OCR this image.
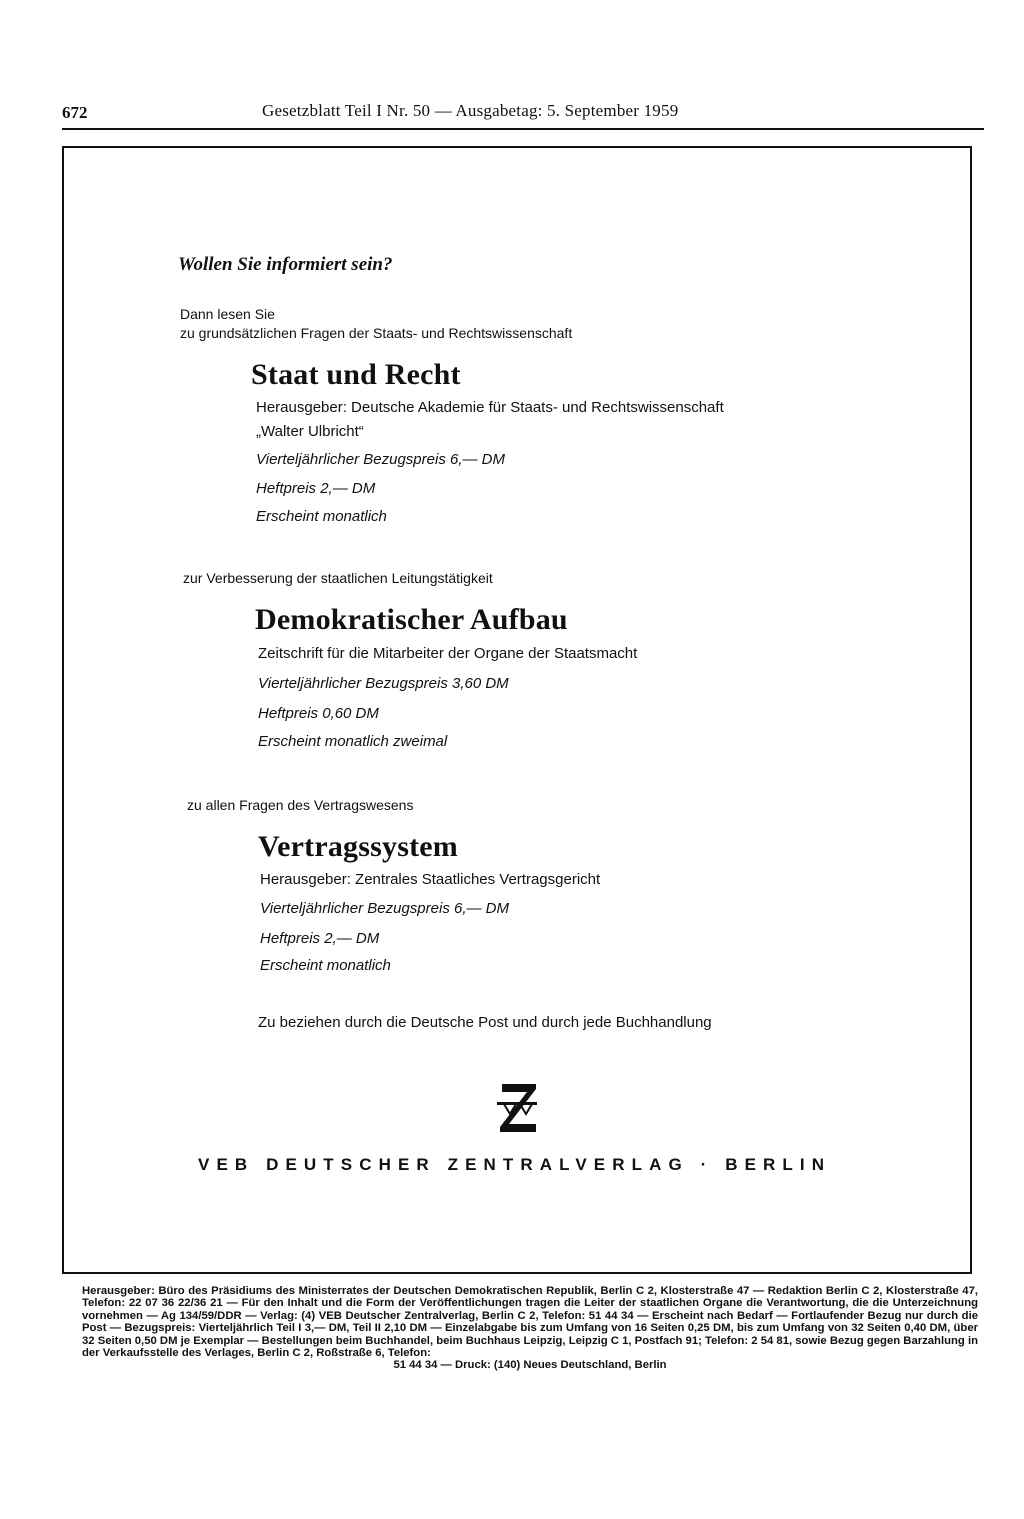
672	Gesetzblatt Teil I Nr. 50 — Ausgabetag: 5. September 1959
Wollen Sie informiert sein?
Dann lesen Sie
zu grundsätzlichen Fragen der Staats- und Rechtswissenschaft
Staat und Recht
Herausgeber: Deutsche Akademie für Staats- und Rechtswissenschaft
„Walter Ulbricht“
Vierteljährlicher Bezugspreis 6,— DM
Heftpreis 2,— DM
Erscheint monatlich
zur Verbesserung der staatlichen Leitungstätigkeit
Demokratischer Aufbau
Zeitschrift für die Mitarbeiter der Organe der Staatsmacht
Vierteljährlicher Bezugspreis 3,60 DM
Heftpreis 0,60 DM
Erscheint monatlich zweimal
zu allen Fragen des Vertragswesens
Vertragssystem
Herausgeber: Zentrales Staatliches Vertragsgericht
Vierteljährlicher Bezugspreis 6,— DM
Heftpreis 2,— DM
Erscheint monatlich
Zu beziehen durch die Deutsche Post und durch jede Buchhandlung
VEB DEUTSCHER ZENTRALVERLAG · BERLIN
Herausgeber: Büro des Präsidiums des Ministerrates der Deutschen Demokratischen Republik, Berlin C 2, Klosterstraße 47 — Redaktion Berlin C 2, Klosterstraße 47, Telefon: 22 07 36 22/36 21 — Für den Inhalt und die Form der Veröffentlichungen tragen die Leiter der staatlichen Organe die Verantwortung, die die Unterzeichnung vornehmen — Ag 134/59/DDR — Verlag: (4) VEB Deutscher Zentralverlag, Berlin C 2, Telefon: 51 44 34 — Erscheint nach Bedarf — Fortlaufender Bezug nur durch die Post — Bezugspreis: Vierteljährlich Teil I 3,— DM, Teil II 2,10 DM — Einzelabgabe bis zum Umfang von 16 Seiten 0,25 DM, bis zum Umfang von 32 Seiten 0,40 DM, über 32 Seiten 0,50 DM je Exemplar — Bestellungen beim Buchhandel, beim Buchhaus Leipzig, Leipzig C 1, Postfach 91; Telefon: 2 54 81, sowie Bezug gegen Barzahlung in der Verkaufsstelle des Verlages, Berlin C 2, Roßstraße 6, Telefon:
51 44 34 — Druck: (140) Neues Deutschland, Berlin
